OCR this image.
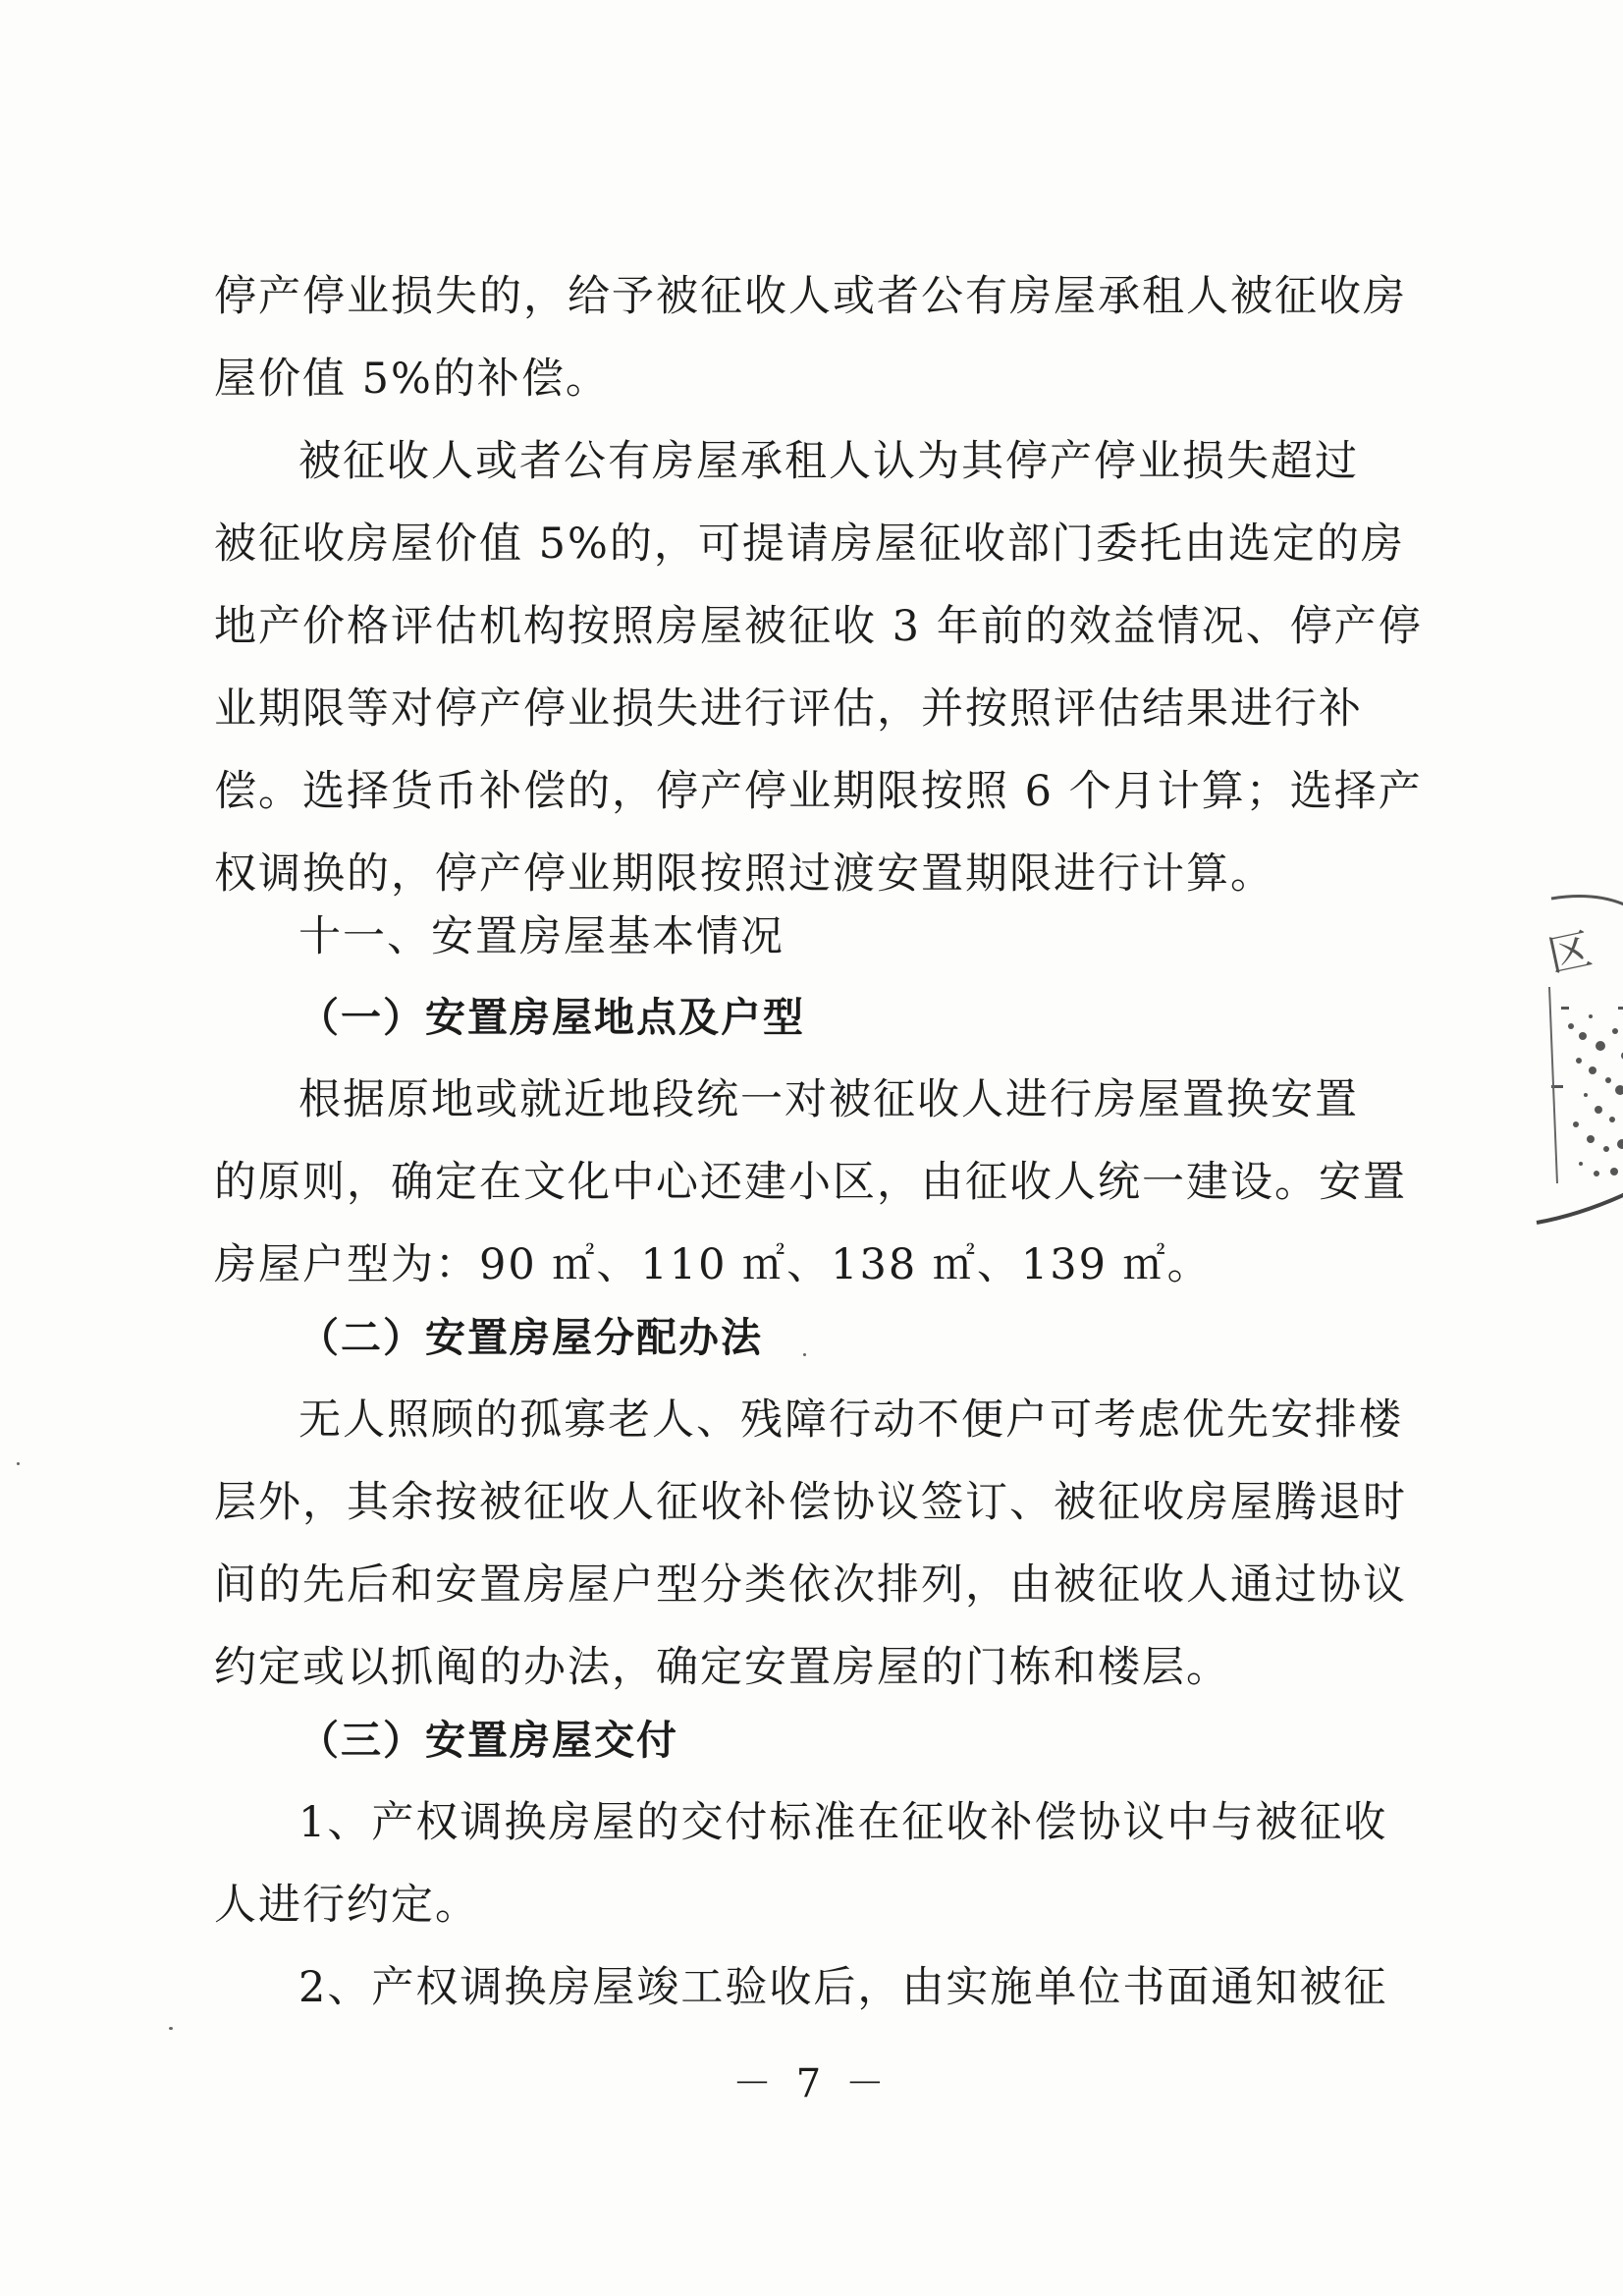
停产停业损失的，给予被征收人或者公有房屋承租人被征收房
屋价值 5%的补偿。
被征收人或者公有房屋承租人认为其停产停业损失超过
被征收房屋价值 5%的，可提请房屋征收部门委托由选定的房
地产价格评估机构按照房屋被征收 3 年前的效益情况、停产停
业期限等对停产停业损失进行评估，并按照评估结果进行补
偿。选择货币补偿的，停产停业期限按照 6 个月计算；选择产
权调换的，停产停业期限按照过渡安置期限进行计算。
十一、安置房屋基本情况
（一）安置房屋地点及户型
根据原地或就近地段统一对被征收人进行房屋置换安置
的原则，确定在文化中心还建小区，由征收人统一建设。安置
房屋户型为：90 ㎡、110 ㎡、138 ㎡、139 ㎡。
（二）安置房屋分配办法
无人照顾的孤寡老人、残障行动不便户可考虑优先安排楼
层外，其余按被征收人征收补偿协议签订、被征收房屋腾退时
间的先后和安置房屋户型分类依次排列，由被征收人通过协议
约定或以抓阄的办法，确定安置房屋的门栋和楼层。
（三）安置房屋交付
1、产权调换房屋的交付标准在征收补偿协议中与被征收
人进行约定。
2、产权调换房屋竣工验收后，由实施单位书面通知被征
－ 7 －
区
